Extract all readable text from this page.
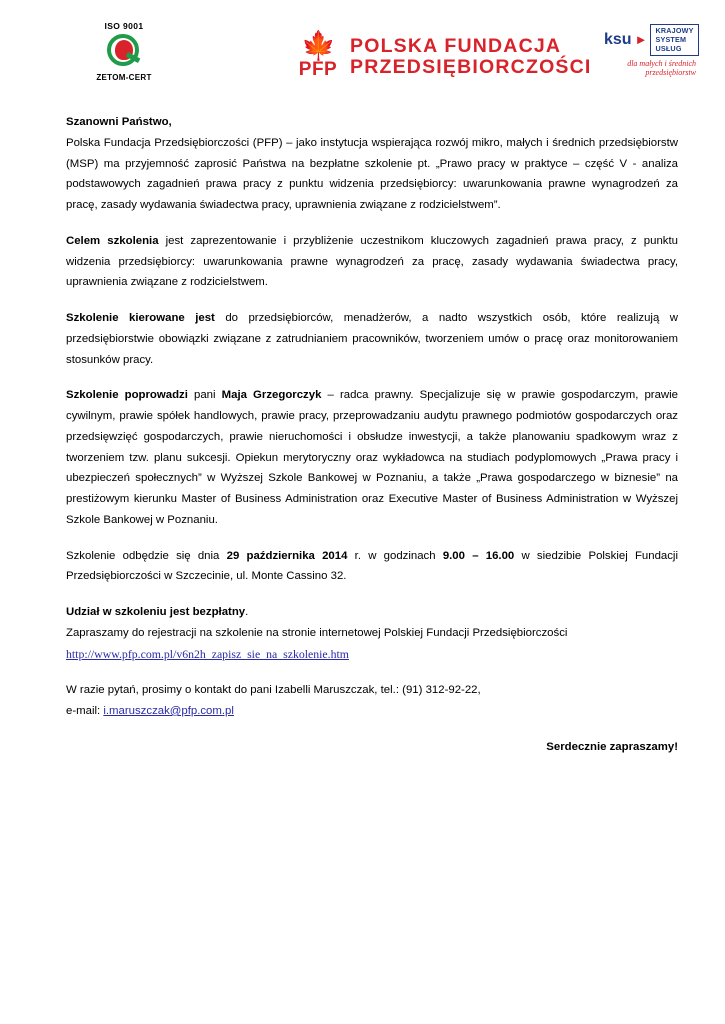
ISO 9001
ZETOM-CERT
🍁
PFP
POLSKA FUNDACJA
PRZEDSIĘBIORCZOŚCI
ksu ►
KRAJOWY
SYSTEM
USŁUG
dla małych i średnich przedsiębiorstw

Szanowni Państwo,

Polska Fundacja Przedsiębiorczości (PFP) – jako instytucja wspierająca rozwój mikro, małych i średnich przedsiębiorstw (MSP) ma przyjemność zaprosić Państwa na bezpłatne szkolenie pt. „Prawo pracy w praktyce – część V - analiza podstawowych zagadnień prawa pracy z punktu widzenia przedsiębiorcy: uwarunkowania prawne wynagrodzeń za pracę, zasady wydawania świadectwa pracy, uprawnienia związane z rodzicielstwem”.

Celem szkolenia jest zaprezentowanie i przybliżenie uczestnikom kluczowych zagadnień prawa pracy, z punktu widzenia przedsiębiorcy: uwarunkowania prawne wynagrodzeń za pracę, zasady wydawania świadectwa pracy, uprawnienia związane z rodzicielstwem.

Szkolenie kierowane jest do przedsiębiorców, menadżerów, a nadto wszystkich osób, które realizują w przedsiębiorstwie obowiązki związane z zatrudnianiem pracowników, tworzeniem umów o pracę oraz monitorowaniem stosunków pracy.

Szkolenie poprowadzi pani Maja Grzegorczyk – radca prawny. Specjalizuje się w prawie gospodarczym, prawie cywilnym, prawie spółek handlowych, prawie pracy, przeprowadzaniu audytu prawnego podmiotów gospodarczych oraz przedsięwzięć gospodarczych, prawie nieruchomości i obsłudze inwestycji, a także planowaniu spadkowym wraz z tworzeniem tzw. planu sukcesji. Opiekun merytoryczny oraz wykładowca na studiach podyplomowych „Prawa pracy i ubezpieczeń społecznych” w Wyższej Szkole Bankowej w Poznaniu, a także „Prawa gospodarczego w biznesie” na prestiżowym kierunku Master of Business Administration oraz Executive Master of Business Administration w Wyższej Szkole Bankowej w Poznaniu.

Szkolenie odbędzie się dnia 29 października 2014 r. w godzinach 9.00 – 16.00 w siedzibie Polskiej Fundacji Przedsiębiorczości w Szczecinie, ul. Monte Cassino 32.

Udział w szkoleniu jest bezpłatny.

Zapraszamy do rejestracji na szkolenie na stronie internetowej Polskiej Fundacji Przedsiębiorczości

http://www.pfp.com.pl/v6n2h_zapisz_sie_na_szkolenie.htm

W razie pytań, prosimy o kontakt do pani Izabelli Maruszczak, tel.: (91) 312-92-22,

e-mail: i.maruszczak@pfp.com.pl

Serdecznie zapraszamy!
